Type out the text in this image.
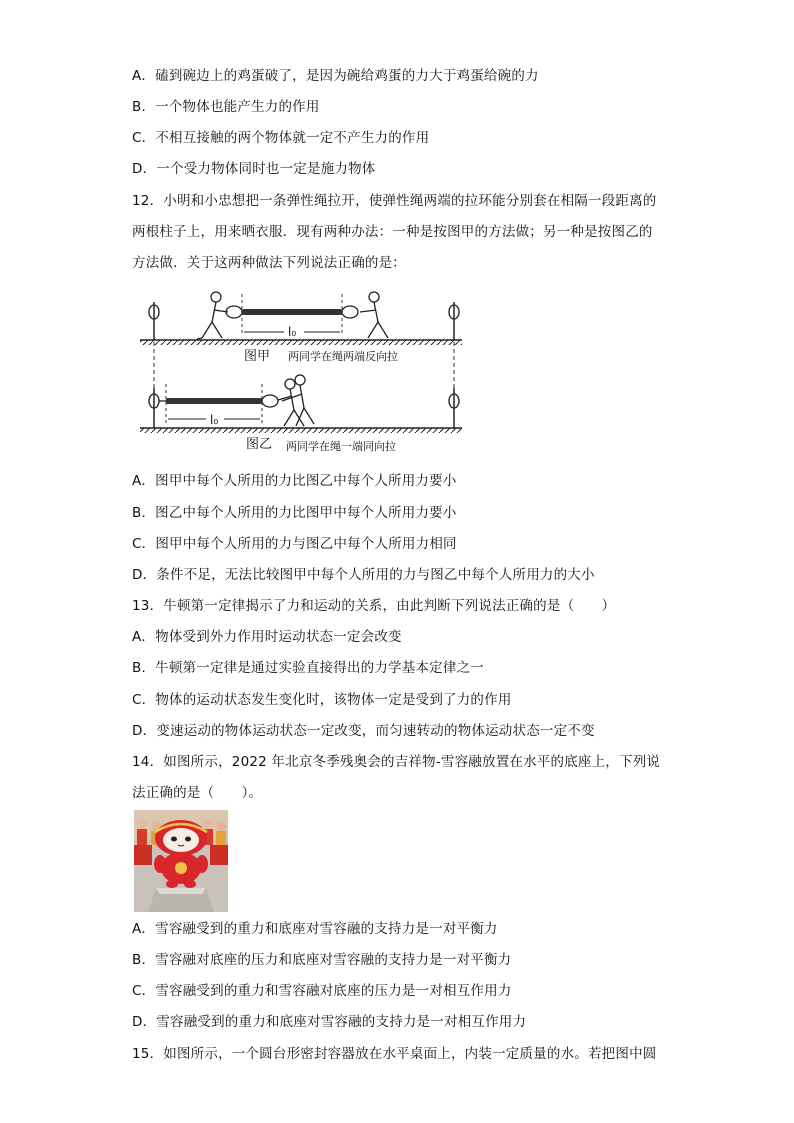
A．磕到碗边上的鸡蛋破了，是因为碗给鸡蛋的力大于鸡蛋给碗的力
B．一个物体也能产生力的作用
C．不相互接触的两个物体就一定不产生力的作用
D．一个受力物体同时也一定是施力物体
12．小明和小忠想把一条弹性绳拉开，使弹性绳两端的拉环能分别套在相隔一段距离的
两根柱子上，用来晒衣服．现有两种办法：一种是按图甲的方法做；另一种是按图乙的
方法做．关于这两种做法下列说法正确的是：
l₀
图甲 两同学在绳两端反向拉
l₀
图乙 两同学在绳一端同向拉
A．图甲中每个人所用的力比图乙中每个人所用力要小
B．图乙中每个人所用的力比图甲中每个人所用力要小
C．图甲中每个人所用的力与图乙中每个人所用力相同
D．条件不足，无法比较图甲中每个人所用的力与图乙中每个人所用力的大小
13．牛顿第一定律揭示了力和运动的关系，由此判断下列说法正确的是（　　）
A．物体受到外力作用时运动状态一定会改变
B．牛顿第一定律是通过实验直接得出的力学基本定律之一
C．物体的运动状态发生变化时，该物体一定是受到了力的作用
D．变速运动的物体运动状态一定改变，而匀速转动的物体运动状态一定不变
14．如图所示，2022 年北京冬季残奥会的吉祥物-雪容融放置在水平的底座上，下列说
法正确的是（　　）。
A．雪容融受到的重力和底座对雪容融的支持力是一对平衡力
B．雪容融对底座的压力和底座对雪容融的支持力是一对平衡力
C．雪容融受到的重力和雪容融对底座的压力是一对相互作用力
D．雪容融受到的重力和底座对雪容融的支持力是一对相互作用力
15．如图所示，一个圆台形密封容器放在水平桌面上，内装一定质量的水。若把图中圆
